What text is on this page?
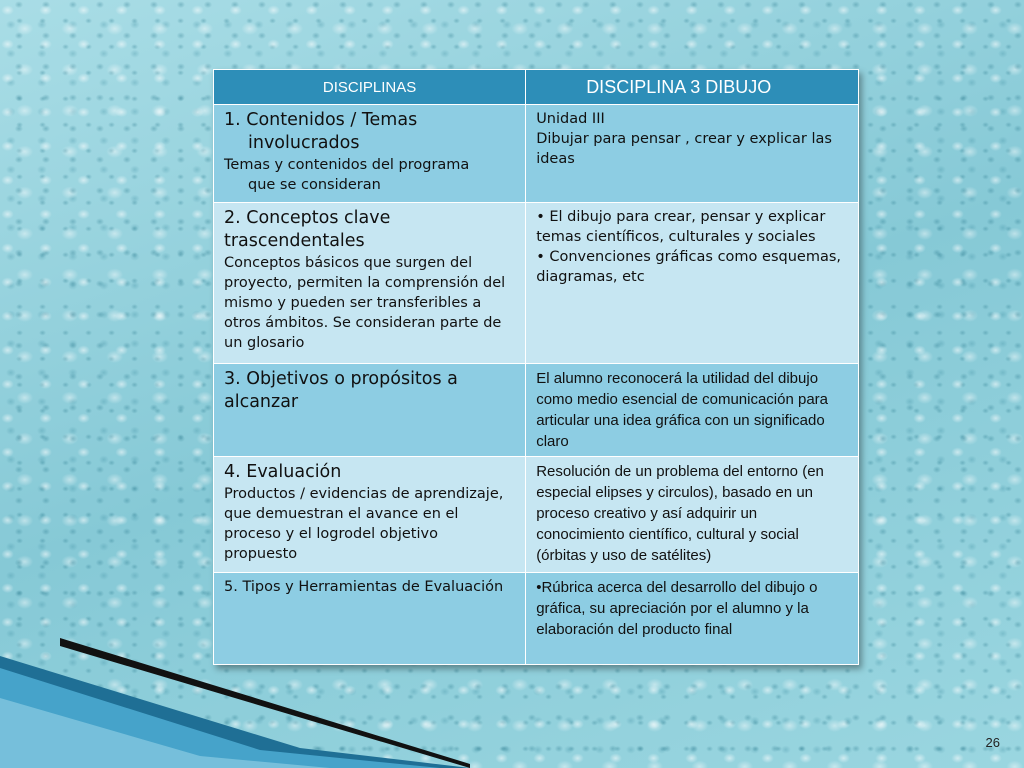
DISCIPLINAS	DISCIPLINA 3 DIBUJO

1. Contenidos / Temas
involucrados
Temas y contenidos del programa
que se consideran	Unidad III
Dibujar para pensar , crear y explicar las ideas

2. Conceptos clave trascendentales
Conceptos básicos que surgen del proyecto, permiten la comprensión del mismo y pueden ser transferibles a otros ámbitos. Se consideran parte de un glosario	• El dibujo para crear, pensar y explicar temas científicos, culturales y sociales
• Convenciones gráficas como esquemas, diagramas, etc

3. Objetivos o propósitos a alcanzar	El alumno reconocerá la utilidad del dibujo como medio esencial de comunicación para articular una idea gráfica con un significado claro

4. Evaluación
Productos / evidencias de aprendizaje, que demuestran el avance en el proceso y el logrodel objetivo propuesto	Resolución de un problema del entorno (en especial elipses y circulos), basado en un proceso creativo y así adquirir un conocimiento científico, cultural y social (órbitas y uso de satélites)

5. Tipos y Herramientas de Evaluación	•Rúbrica acerca del desarrollo del dibujo o gráfica, su apreciación por el alumno y la elaboración del producto final
26
